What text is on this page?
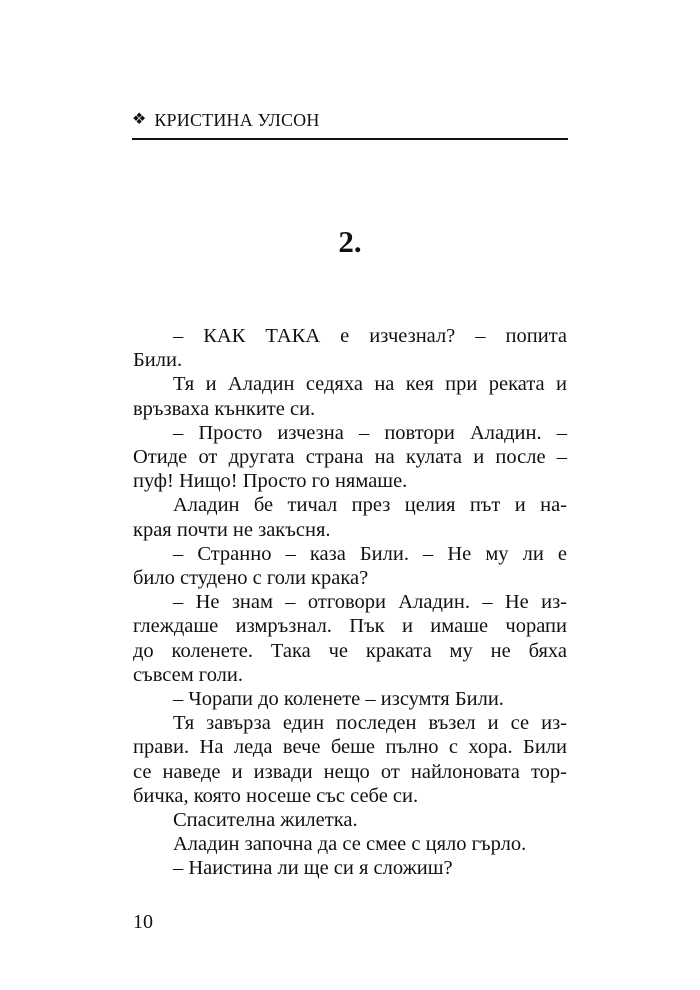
❖ КРИСТИНА УЛСОН
2.

– КАК ТАКА е изчезнал? – попита

Били.

Тя и Аладин седяха на кея при реката и

връзваха кънките си.

– Просто изчезна – повтори Аладин. –

Отиде от другата страна на кулата и после –

пуф! Нищо! Просто го нямаше.

Аладин бе тичал през целия път и на-

края почти не закъсня.

– Странно – каза Били. – Не му ли е

било студено с голи крака?

– Не знам – отговори Аладин. – Не из-

глеждаше измръзнал. Пък и имаше чорапи

до коленете. Така че краката му не бяха

съвсем голи.

– Чорапи до коленете – изсумтя Били.

Тя завърза един последен възел и се из-

прави. На леда вече беше пълно с хора. Били

се наведе и извади нещо от найлоновата тор-

бичка, която носеше със себе си.

Спасителна жилетка.

Аладин започна да се смее с цяло гърло.

– Наистина ли ще си я сложиш?

10
